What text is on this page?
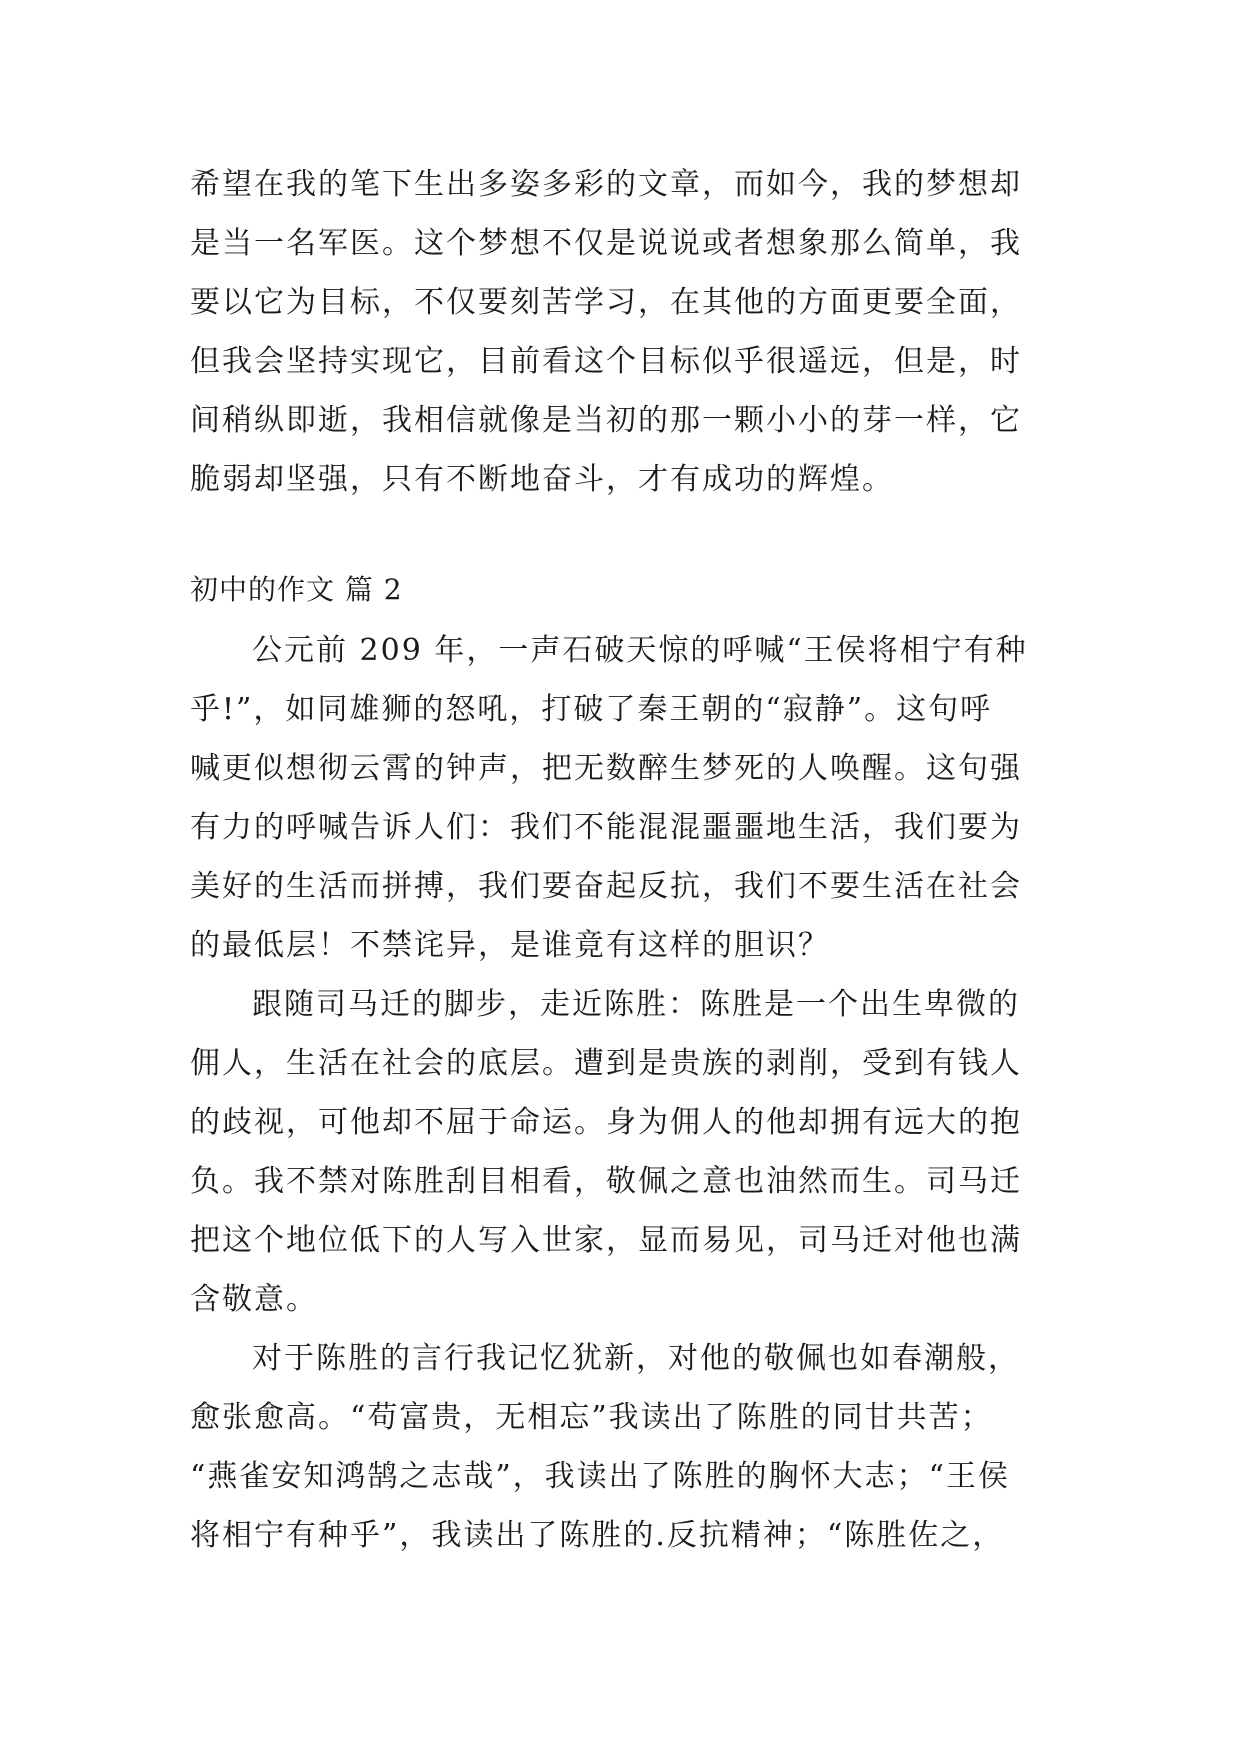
希望在我的笔下生出多姿多彩的文章，而如今，我的梦想却
是当一名军医。这个梦想不仅是说说或者想象那么简单，我
要以它为目标，不仅要刻苦学习，在其他的方面更要全面，
但我会坚持实现它，目前看这个目标似乎很遥远，但是，时
间稍纵即逝，我相信就像是当初的那一颗小小的芽一样，它
脆弱却坚强，只有不断地奋斗，才有成功的辉煌。
初中的作文 篇 2
公元前 209 年，一声石破天惊的呼喊“王侯将相宁有种
乎!”，如同雄狮的怒吼，打破了秦王朝的“寂静”。这句呼
喊更似想彻云霄的钟声，把无数醉生梦死的人唤醒。这句强
有力的呼喊告诉人们：我们不能混混噩噩地生活，我们要为
美好的生活而拼搏，我们要奋起反抗，我们不要生活在社会
的最低层！不禁诧异，是谁竟有这样的胆识？
跟随司马迁的脚步，走近陈胜：陈胜是一个出生卑微的
佣人，生活在社会的底层。遭到是贵族的剥削，受到有钱人
的歧视，可他却不屈于命运。身为佣人的他却拥有远大的抱
负。我不禁对陈胜刮目相看，敬佩之意也油然而生。司马迁
把这个地位低下的人写入世家，显而易见，司马迁对他也满
含敬意。
对于陈胜的言行我记忆犹新，对他的敬佩也如春潮般，
愈张愈高。“苟富贵，无相忘”我读出了陈胜的同甘共苦；
“燕雀安知鸿鹄之志哉”，我读出了陈胜的胸怀大志；“王侯
将相宁有种乎”，我读出了陈胜的.反抗精神；“陈胜佐之，
